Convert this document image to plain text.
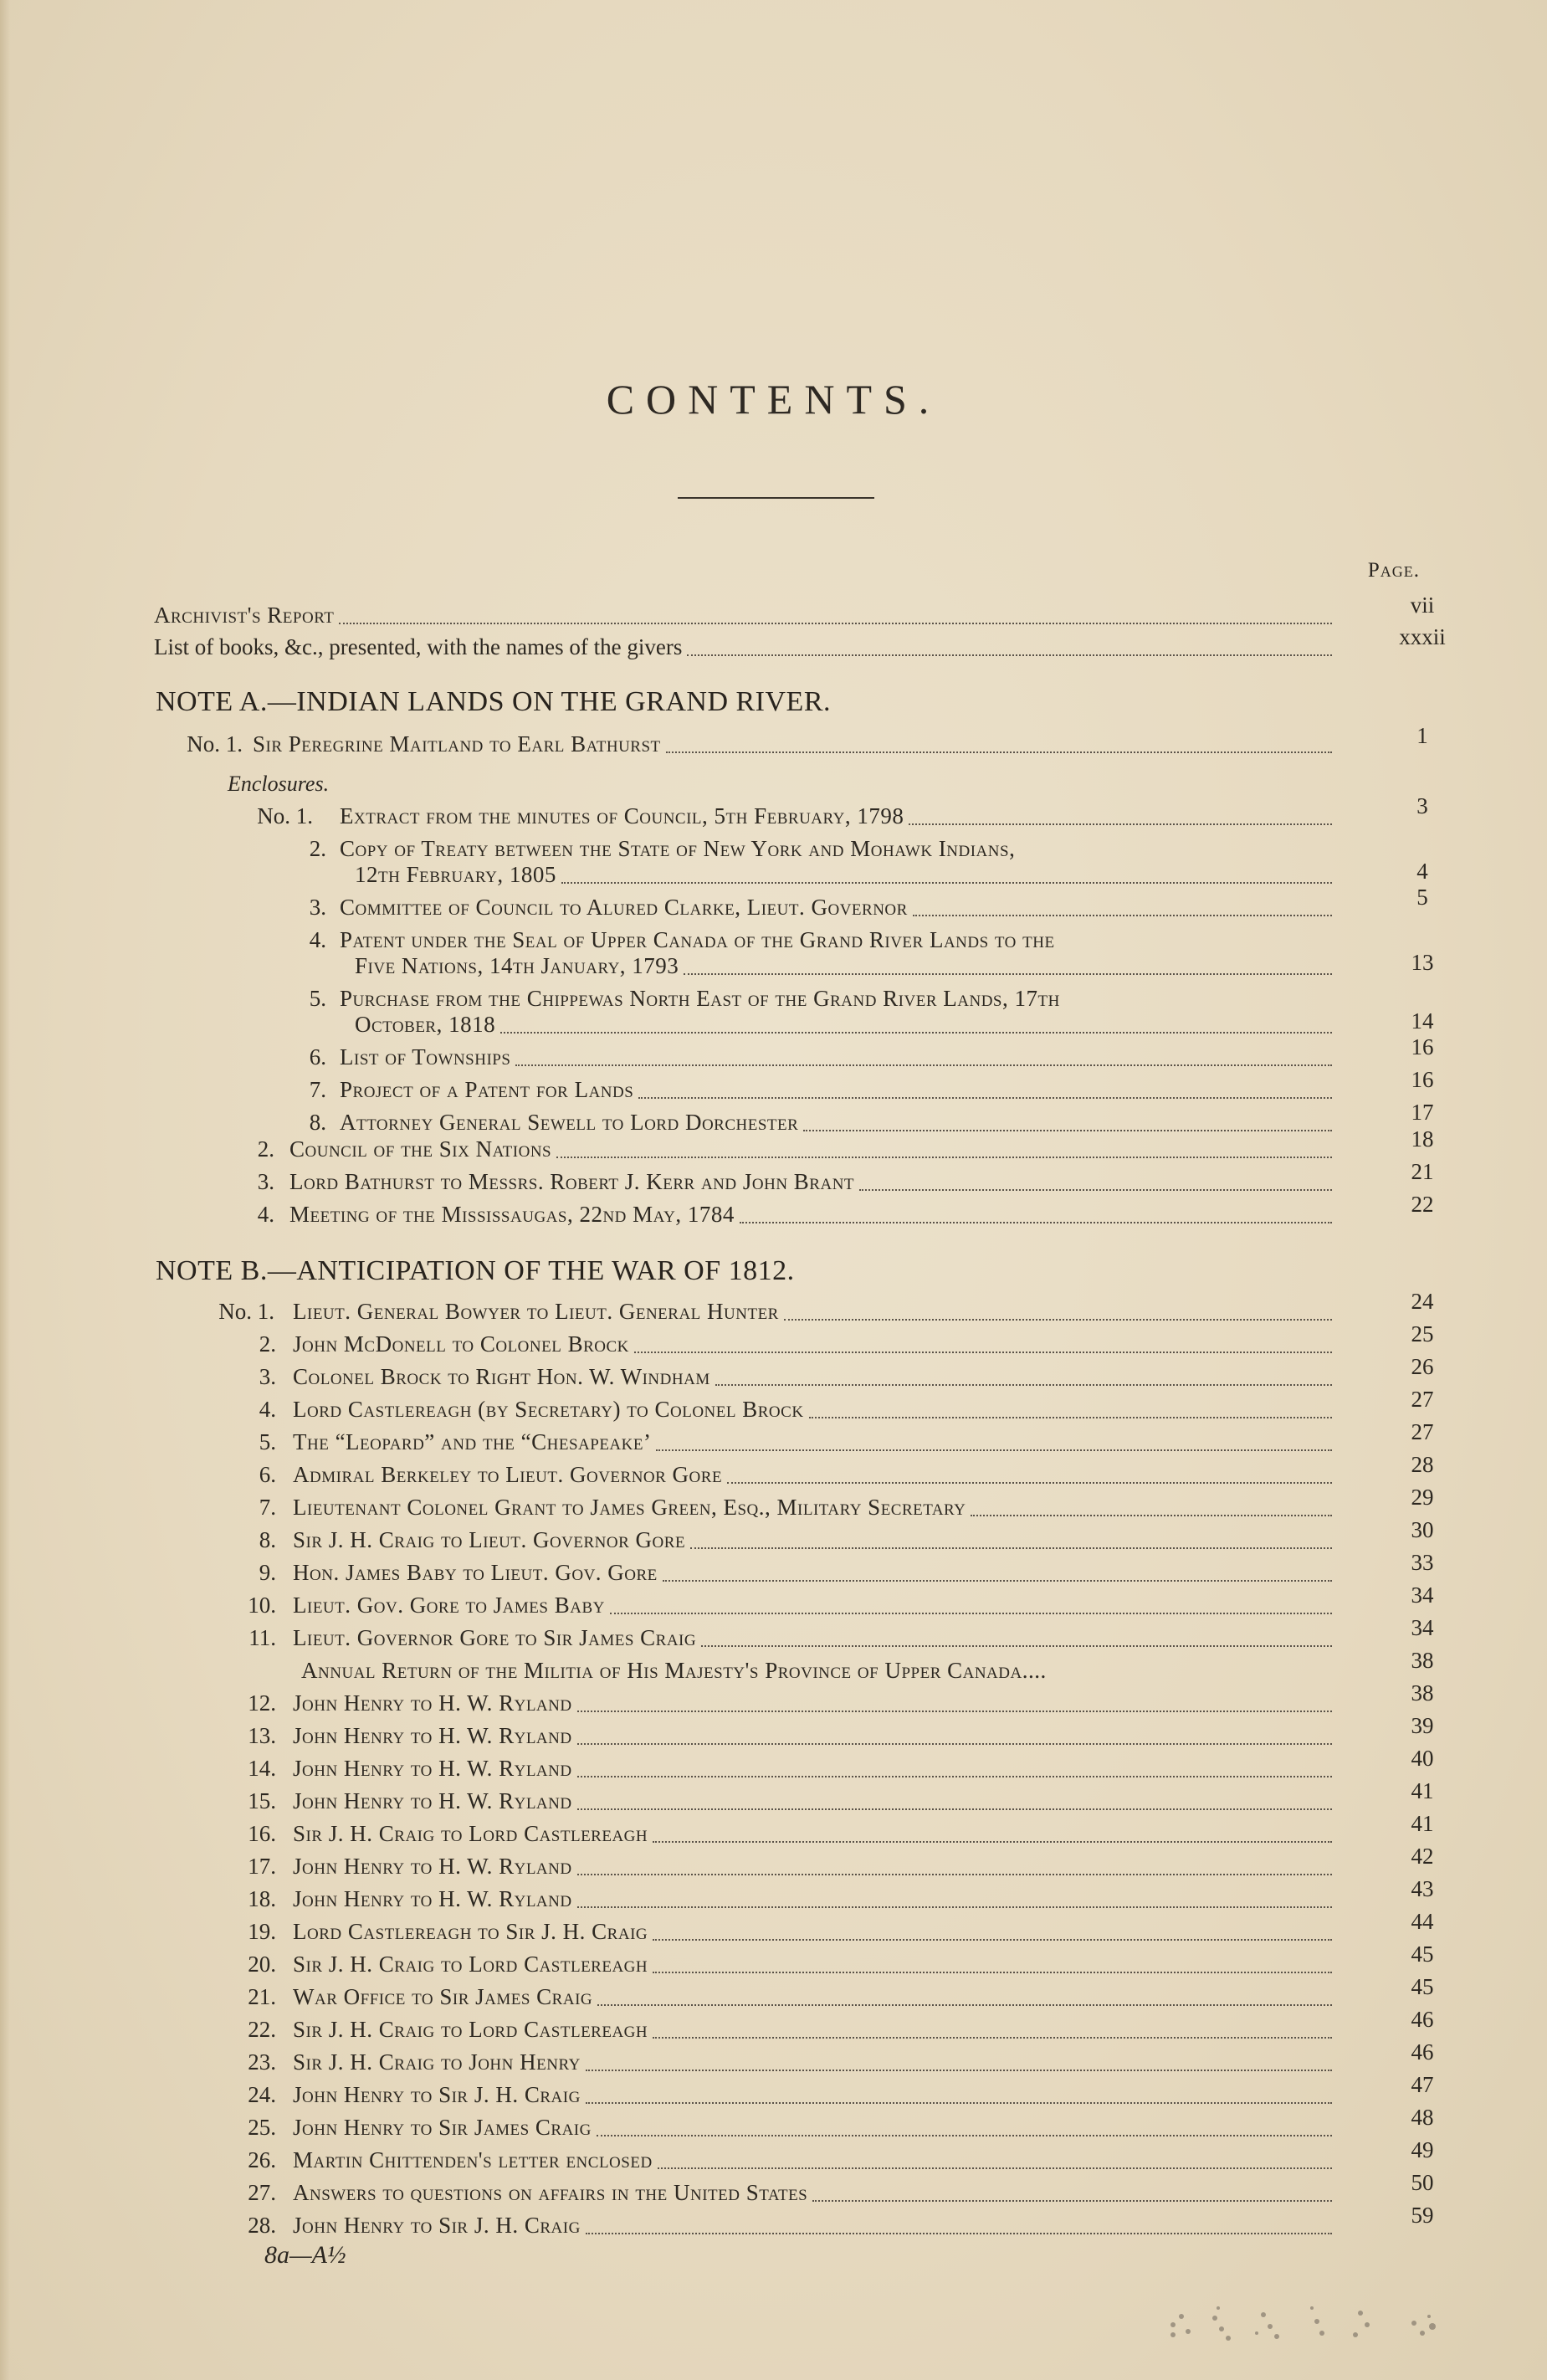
CONTENTS.
Page.
Archivist's Report	vii
List of books, &c., presented, with the names of the givers	xxxii
NOTE A.—INDIAN LANDS ON THE GRAND RIVER.
No. 1. Sir Peregrine Maitland to Earl Bathurst	1
Enclosures.
No. 1. Extract from the minutes of Council, 5th February, 1798	3
2. Copy of Treaty between the State of New York and Mohawk Indians,
12th February, 1805	4
3. Committee of Council to Alured Clarke, Lieut. Governor	5
4. Patent under the Seal of Upper Canada of the Grand River Lands to the
Five Nations, 14th January, 1793	13
5. Purchase from the Chippewas North East of the Grand River Lands, 17th
October, 1818	14
6. List of Townships	16
7. Project of a Patent for Lands	16
8. Attorney General Sewell to Lord Dorchester	17
2. Council of the Six Nations	18
3. Lord Bathurst to Messrs. Robert J. Kerr and John Brant	21
4. Meeting of the Mississaugas, 22nd May, 1784	22
NOTE B.—ANTICIPATION OF THE WAR OF 1812.
No. 1. Lieut. General Bowyer to Lieut. General Hunter	24
2. John McDonell to Colonel Brock	25
3. Colonel Brock to Right Hon. W. Windham	26
4. Lord Castlereagh (by Secretary) to Colonel Brock	27
5. The “Leopard” and the “Chesapeake’	27
6. Admiral Berkeley to Lieut. Governor Gore	28
7. Lieutenant Colonel Grant to James Green, Esq., Military Secretary	29
8. Sir J. H. Craig to Lieut. Governor Gore	30
9. Hon. James Baby to Lieut. Gov. Gore	33
10. Lieut. Gov. Gore to James Baby	34
11. Lieut. Governor Gore to Sir James Craig	34
Annual Return of the Militia of His Majesty's Province of Upper Canada....	38
12. John Henry to H. W. Ryland	38
13. John Henry to H. W. Ryland	39
14. John Henry to H. W. Ryland	40
15. John Henry to H. W. Ryland	41
16. Sir J. H. Craig to Lord Castlereagh	41
17. John Henry to H. W. Ryland	42
18. John Henry to H. W. Ryland	43
19. Lord Castlereagh to Sir J. H. Craig	44
20. Sir J. H. Craig to Lord Castlereagh	45
21. War Office to Sir James Craig	45
22. Sir J. H. Craig to Lord Castlereagh	46
23. Sir J. H. Craig to John Henry	46
24. John Henry to Sir J. H. Craig	47
25. John Henry to Sir James Craig	48
26. Martin Chittenden's letter enclosed	49
27. Answers to questions on affairs in the United States	50
28. John Henry to Sir J. H. Craig	59
8a—A½
